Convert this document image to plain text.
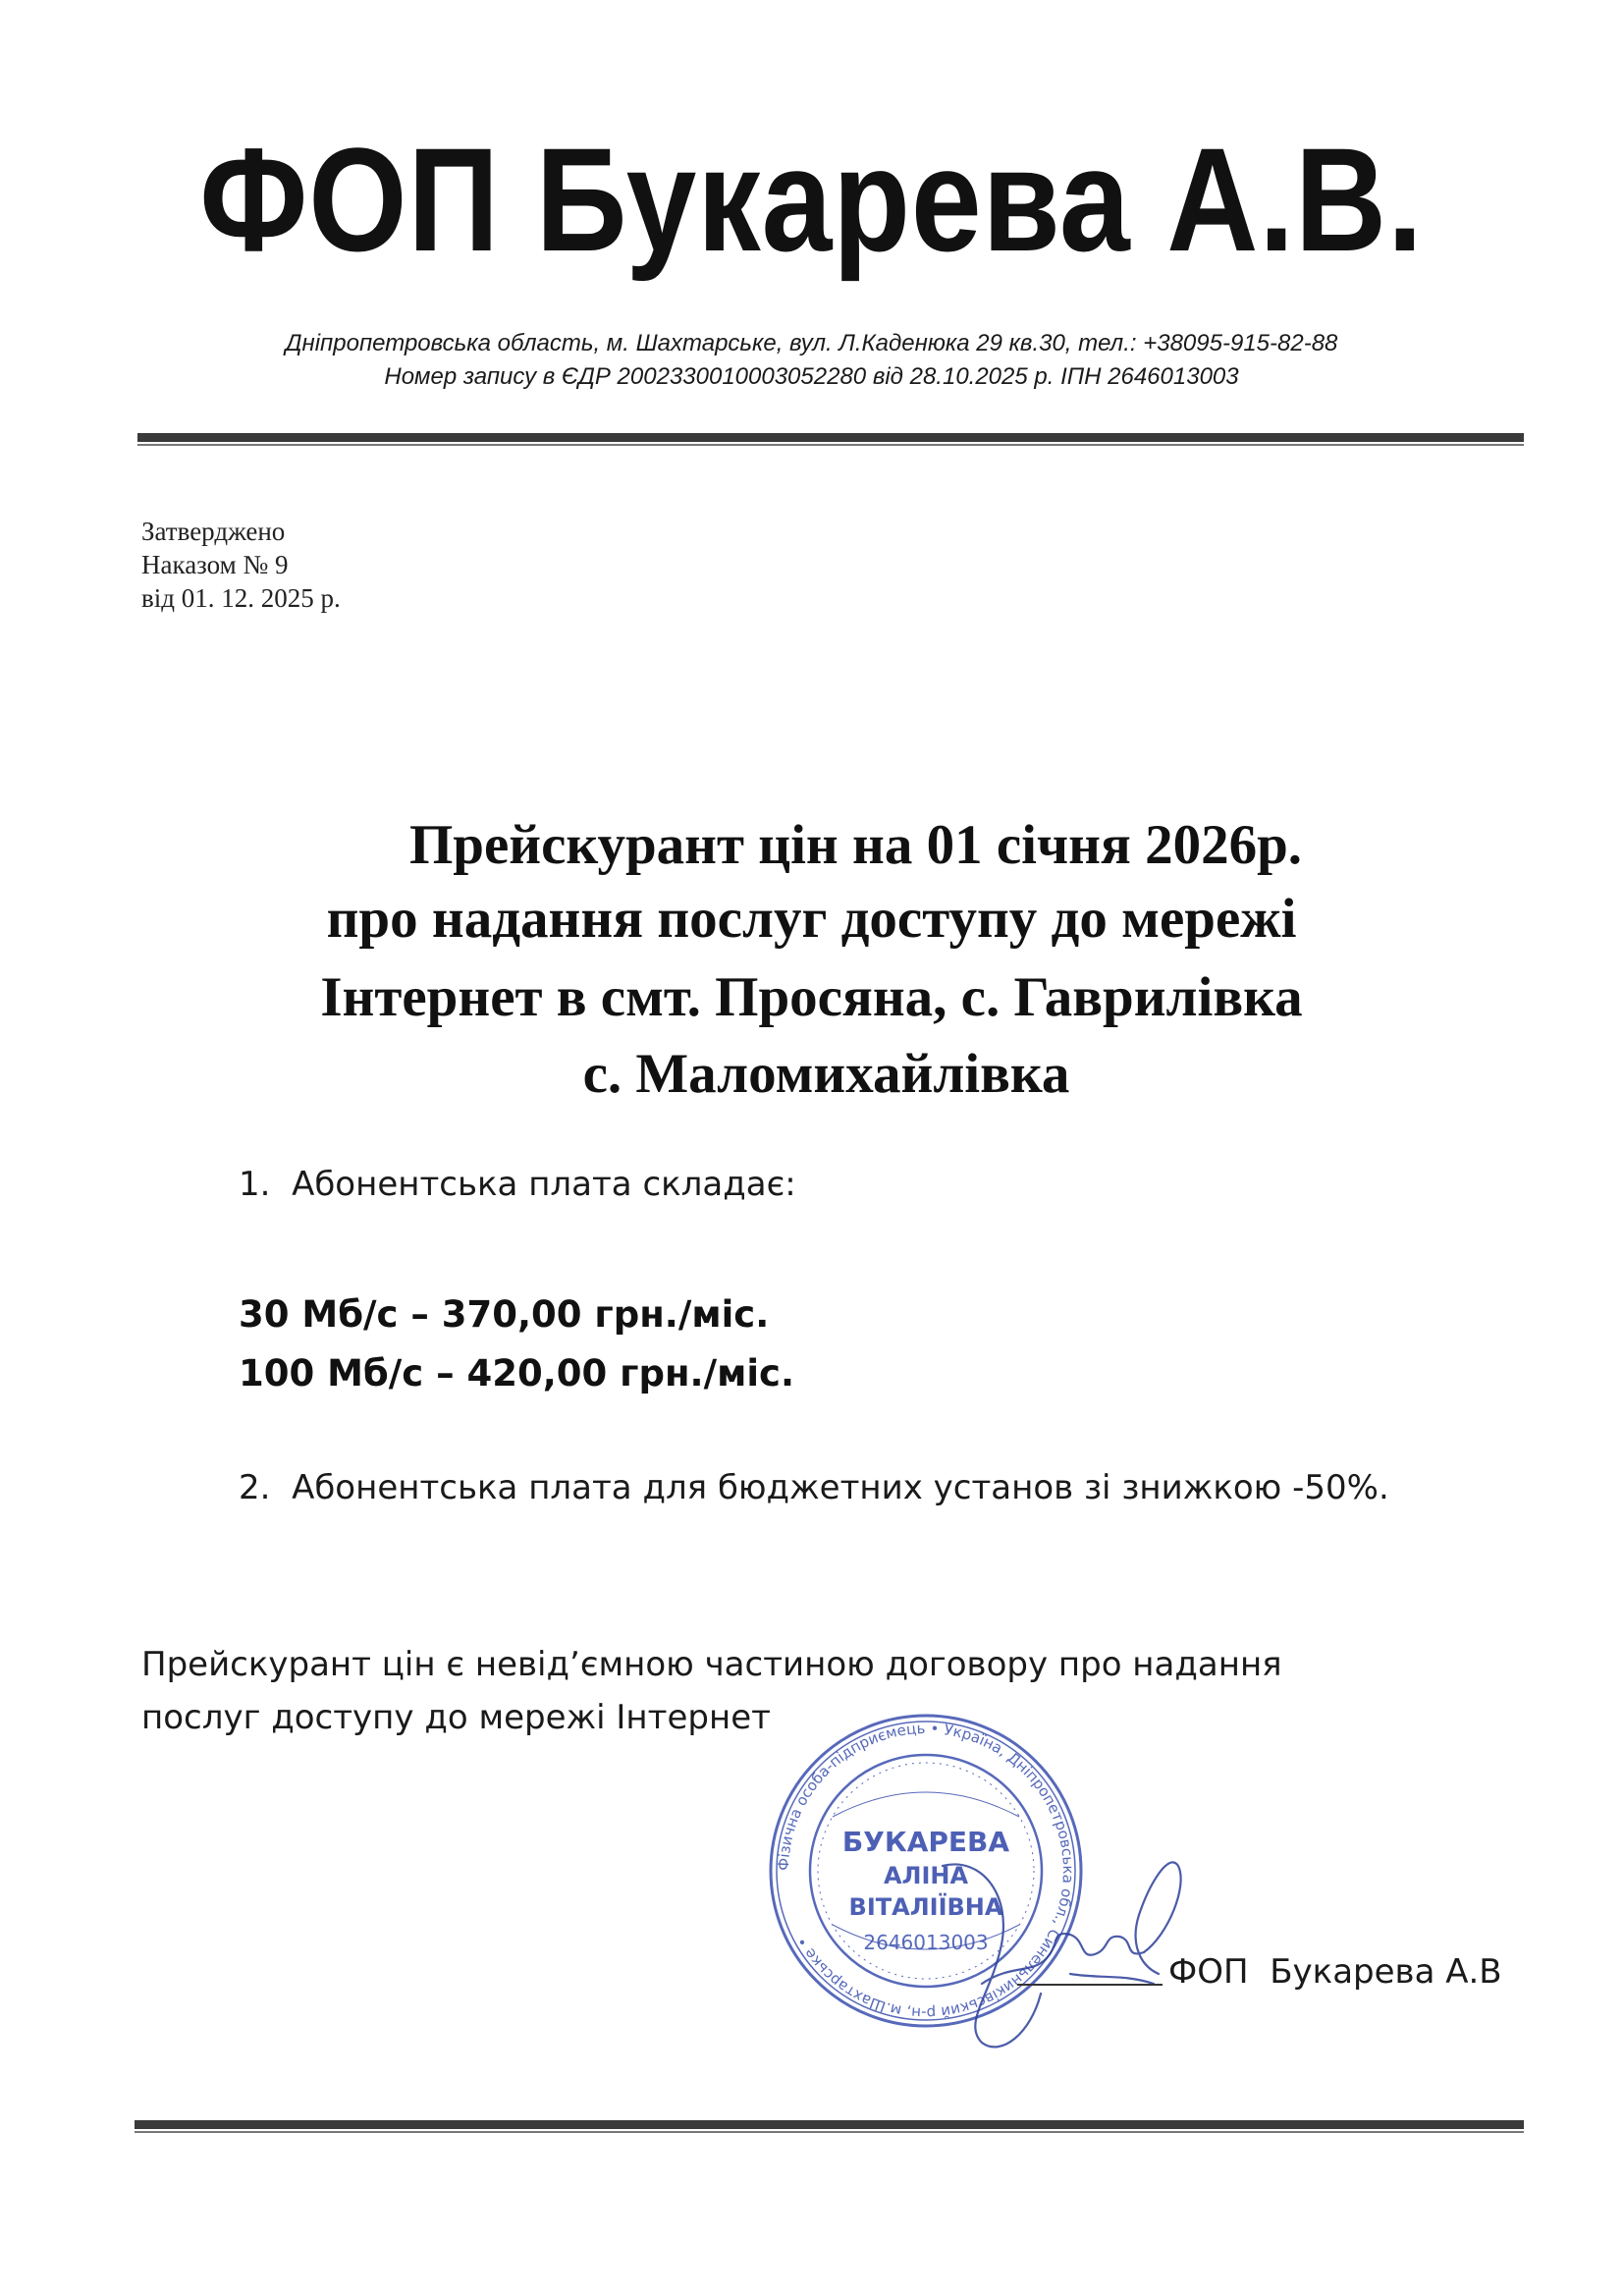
ФОП Букарева А.В.
Дніпропетровська область, м. Шахтарське, вул. Л.Каденюка 29 кв.30, тел.: +38095-915-82-88
Номер запису в ЄДР 2002330010003052280 від 28.10.2025 р. ІПН 2646013003
Затверджено
Наказом № 9
від 01. 12. 2025 р.
Прейскурант цін на 01 січня 2026р.
про надання послуг доступу до мережі
Інтернет в смт. Просяна, с. Гаврилівка
с. Маломихайлівка
1. Абонентська плата складає:
30 Мб/с – 370,00 грн./міс.
100 Мб/с – 420,00 грн./міс.
2. Абонентська плата для бюджетних установ зі знижкою -50%.
Прейскурант цін є невід’ємною частиною договору про надання
послуг доступу до мережі Інтернет
Фізична особа-підприємець • Україна, Дніпропетровська обл., Синельниківський р-н, м.Шахтарське •
БУКАРЕВА
АЛІНА
ВІТАЛІЇВНА
2646013003
ФОП  Букарева А.В
